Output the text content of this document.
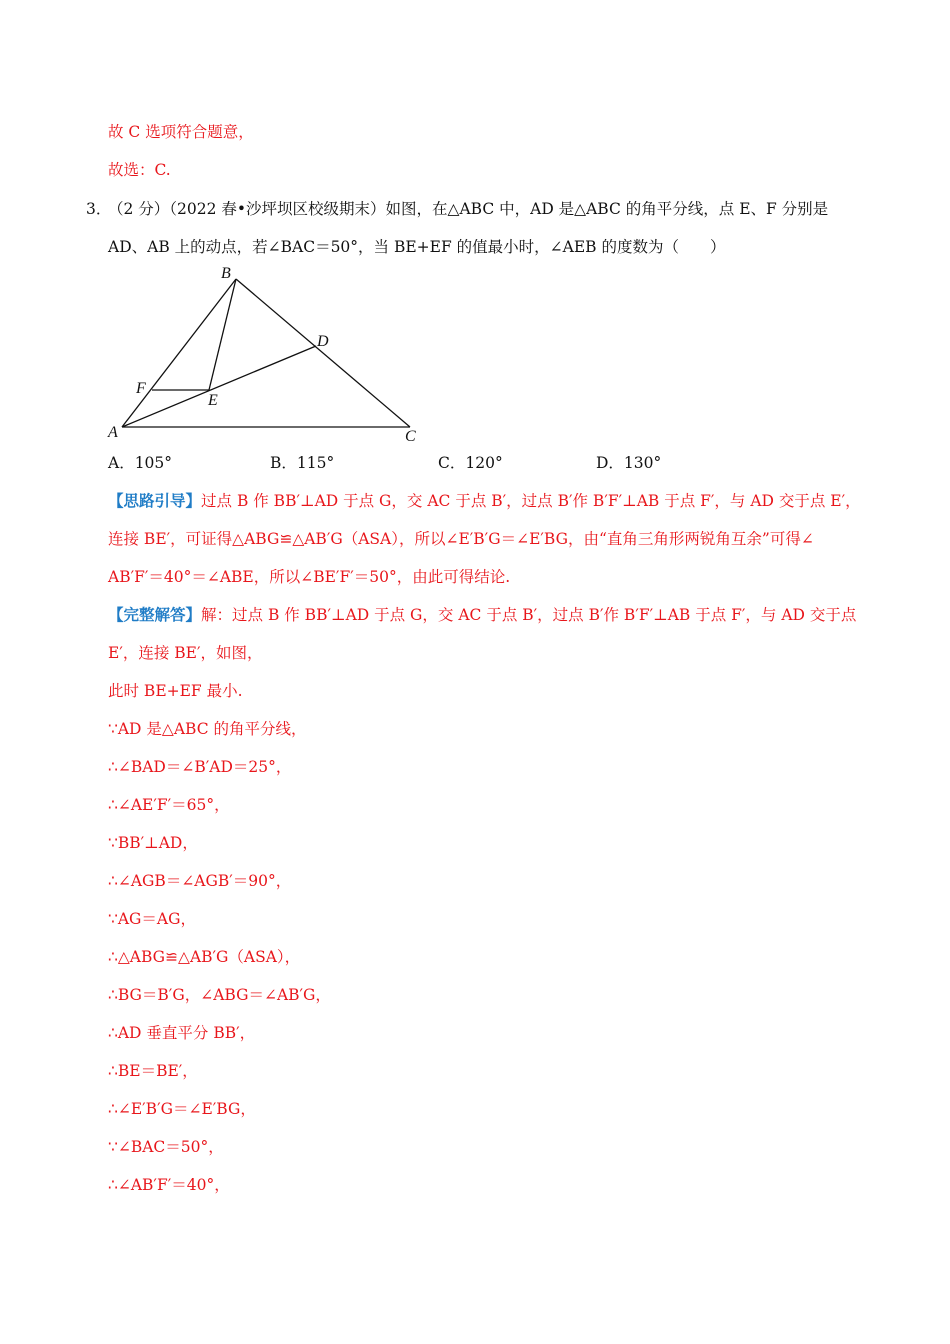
故 C 选项符合题意，
故选：C.
3．
（2 分）（2022 春•沙坪坝区校级期末）如图，在△ABC 中，AD 是△ABC 的角平分线，点 E、F 分别是
AD、AB 上的动点，若∠BAC＝50°，当 BE+EF 的值最小时，∠AEB 的度数为（　　）
A
B
C
D
E
F
A．105°	B．115°	C．120°	D．130°
【思路引导】过点 B 作 BB′⊥AD 于点 G，交 AC 于点 B′，过点 B′作 B′F′⊥AB 于点 F′，与 AD 交于点 E′，
连接 BE′，可证得△ABG≌△AB′G（ASA），所以∠E′B′G＝∠E′BG，由“直角三角形两锐角互余”可得∠
AB′F′＝40°＝∠ABE，所以∠BE′F′＝50°，由此可得结论.
【完整解答】解：过点 B 作 BB′⊥AD 于点 G，交 AC 于点 B′，过点 B′作 B′F′⊥AB 于点 F′，与 AD 交于点
E′，连接 BE′，如图，
此时 BE+EF 最小.
∵AD 是△ABC 的角平分线，
∴∠BAD＝∠B′AD＝25°，
∴∠AE′F′＝65°，
∵BB′⊥AD，
∴∠AGB＝∠AGB′＝90°，
∵AG＝AG，
∴△ABG≌△AB′G（ASA），
∴BG＝B′G，∠ABG＝∠AB′G，
∴AD 垂直平分 BB′，
∴BE＝BE′，
∴∠E′B′G＝∠E′BG，
∵∠BAC＝50°，
∴∠AB′F′＝40°，
